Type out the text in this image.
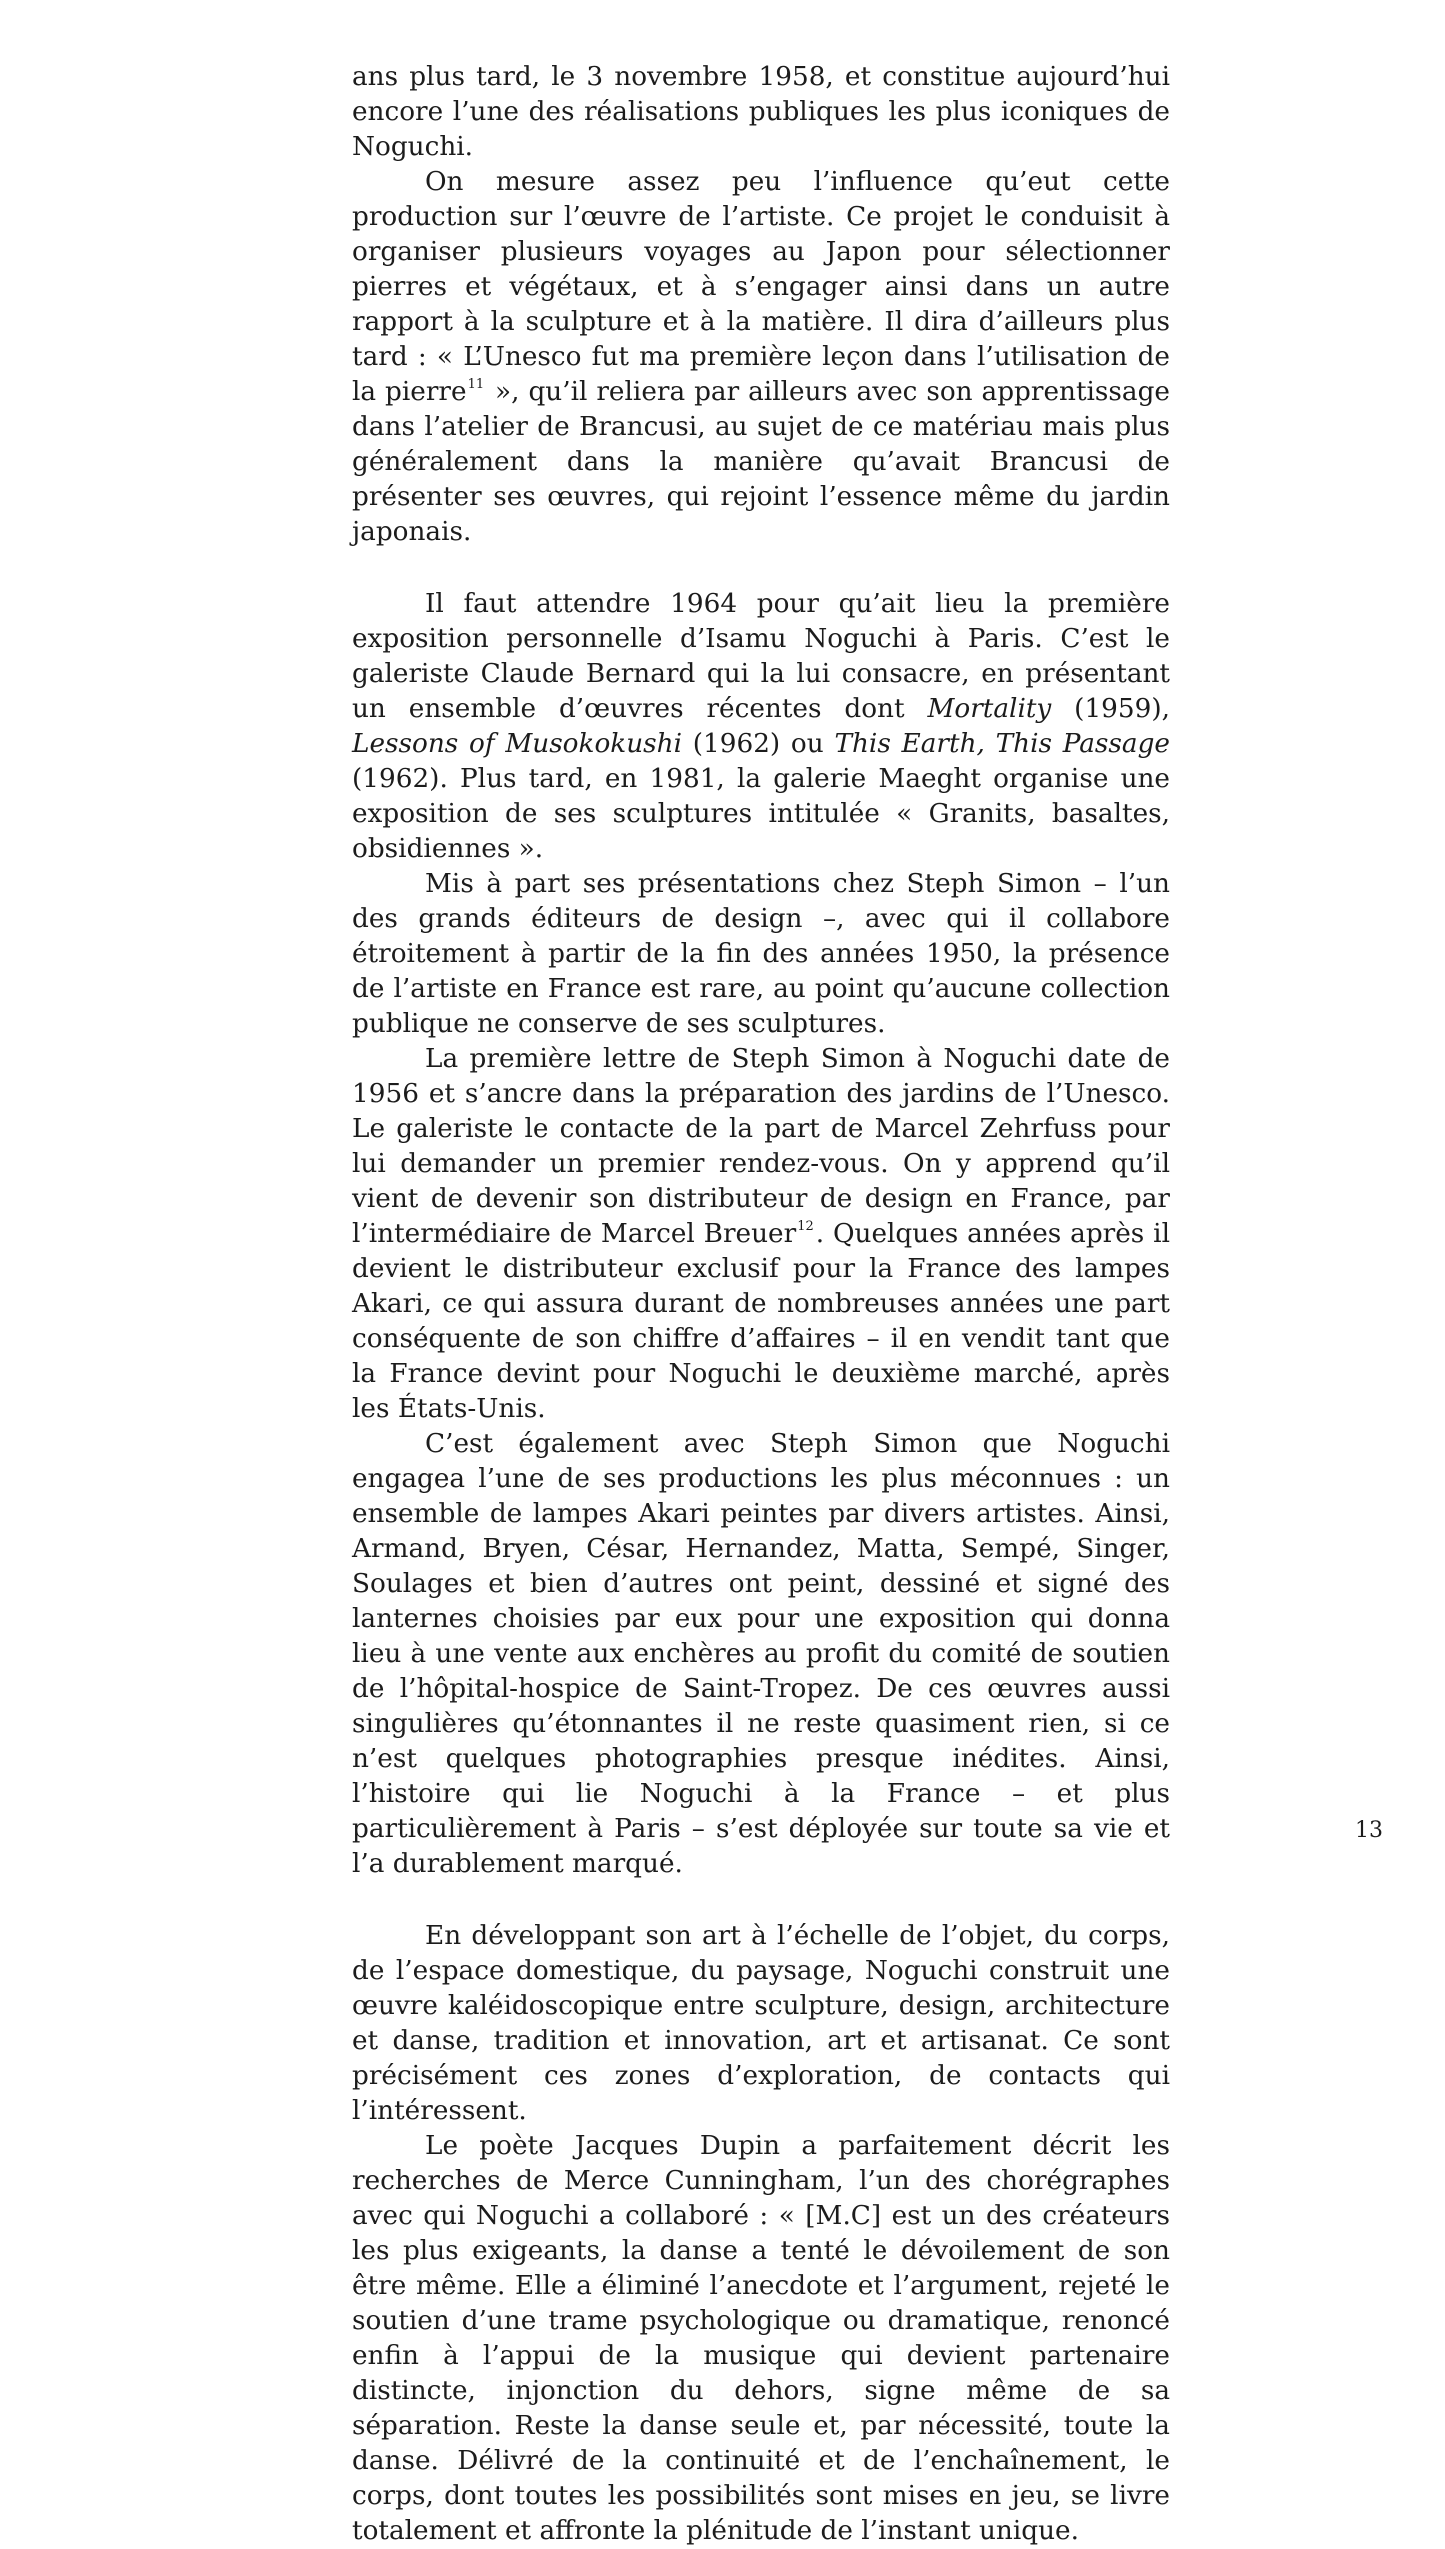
ans plus tard, le 3 novembre 1958, et constitue aujourd’hui encore l’une des réalisations publiques les plus iconiques de Noguchi.

On mesure assez peu l’influence qu’eut cette production sur l’œuvre de l’artiste. Ce projet le conduisit à organiser plusieurs voyages au Japon pour sélectionner pierres et végétaux, et à s’engager ainsi dans un autre rapport à la sculpture et à la matière. Il dira d’ailleurs plus tard : « L’Unesco fut ma première leçon dans l’utilisation de la pierre$^{11}$ », qu’il reliera par ailleurs avec son apprentissage dans l’atelier de Brancusi, au sujet de ce matériau mais plus généralement dans la manière qu’avait Brancusi de présenter ses œuvres, qui rejoint l’essence même du jardin japonais.

Il faut attendre 1964 pour qu’ait lieu la première exposition personnelle d’Isamu Noguchi à Paris. C’est le galeriste Claude Bernard qui la lui consacre, en présentant un ensemble d’œuvres récentes dont Mortality (1959), Lessons of Musokokushi (1962) ou This Earth, This Passage (1962). Plus tard, en 1981, la galerie Maeght organise une exposition de ses sculptures intitulée « Granits, basaltes, obsidiennes ».

Mis à part ses présentations chez Steph Simon – l’un des grands éditeurs de design –, avec qui il collabore étroitement à partir de la fin des années 1950, la présence de l’artiste en France est rare, au point qu’aucune collection publique ne conserve de ses sculptures.

La première lettre de Steph Simon à Noguchi date de 1956 et s’ancre dans la préparation des jardins de l’Unesco. Le galeriste le contacte de la part de Marcel Zehrfuss pour lui demander un premier rendez-vous. On y apprend qu’il vient de devenir son distributeur de design en France, par l’intermédiaire de Marcel Breuer$^{12}$. Quelques années après il devient le distributeur exclusif pour la France des lampes Akari, ce qui assura durant de nombreuses années une part conséquente de son chiffre d’affaires – il en vendit tant que la France devint pour Noguchi le deuxième marché, après les États-Unis.

C’est également avec Steph Simon que Noguchi engagea l’une de ses productions les plus méconnues : un ensemble de lampes Akari peintes par divers artistes. Ainsi, Armand, Bryen, César, Hernandez, Matta, Sempé, Singer, Soulages et bien d’autres ont peint, dessiné et signé des lanternes choisies par eux pour une exposition qui donna lieu à une vente aux enchères au profit du comité de soutien de l’hôpital-hospice de Saint-Tropez. De ces œuvres aussi singulières qu’étonnantes il ne reste quasiment rien, si ce n’est quelques photographies presque inédites. Ainsi, l’histoire qui lie Noguchi à la France – et plus particulièrement à Paris – s’est déployée sur toute sa vie et l’a durablement marqué.

En développant son art à l’échelle de l’objet, du corps, de l’espace domestique, du paysage, Noguchi construit une œuvre kaléidoscopique entre sculpture, design, architecture et danse, tradition et innovation, art et artisanat. Ce sont précisément ces zones d’exploration, de contacts qui l’intéressent.

Le poète Jacques Dupin a parfaitement décrit les recherches de Merce Cunningham, l’un des chorégraphes avec qui Noguchi a collaboré : « [M.C] est un des créateurs les plus exigeants, la danse a tenté le dévoilement de son être même. Elle a éliminé l’anecdote et l’argument, rejeté le soutien d’une trame psychologique ou dramatique, renoncé enfin à l’appui de la musique qui devient partenaire distincte, injonction du dehors, signe même de sa séparation. Reste la danse seule et, par nécessité, toute la danse. Délivré de la continuité et de l’enchaînement, le corps, dont toutes les possibilités sont mises en jeu, se livre totalement et affronte la plénitude de l’instant unique.

13
